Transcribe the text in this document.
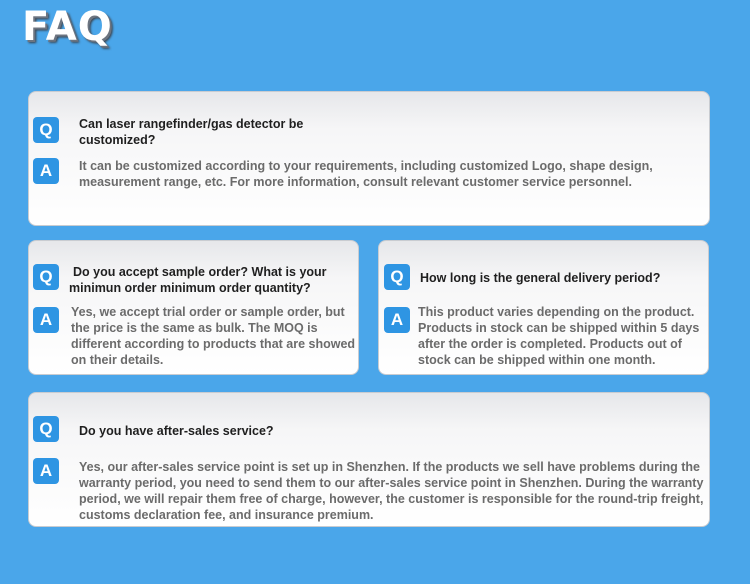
FAQ
Q	Can laser rangefinder/gas detector be customized?
A	It can be customized according to your requirements, including customized Logo, shape design, measurement range, etc. For more information, consult relevant customer service personnel.
Q	Do you accept sample order? What is your minimun order minimum order quantity?
A	Yes, we accept trial order or sample order, but the price is the same as bulk. The MOQ is different according to products that are showed on their details.
Q	How long is the general delivery period?
A	This product varies depending on the product. Products in stock can be shipped within 5 days after the order is completed. Products out of stock can be shipped within one month.
Q	Do you have after-sales service?
A	Yes, our after-sales service point is set up in Shenzhen. If the products we sell have problems during the warranty period, you need to send them to our after-sales service point in Shenzhen. During the warranty period, we will repair them free of charge, however, the customer is responsible for the round-trip freight, customs declaration fee, and insurance premium.
